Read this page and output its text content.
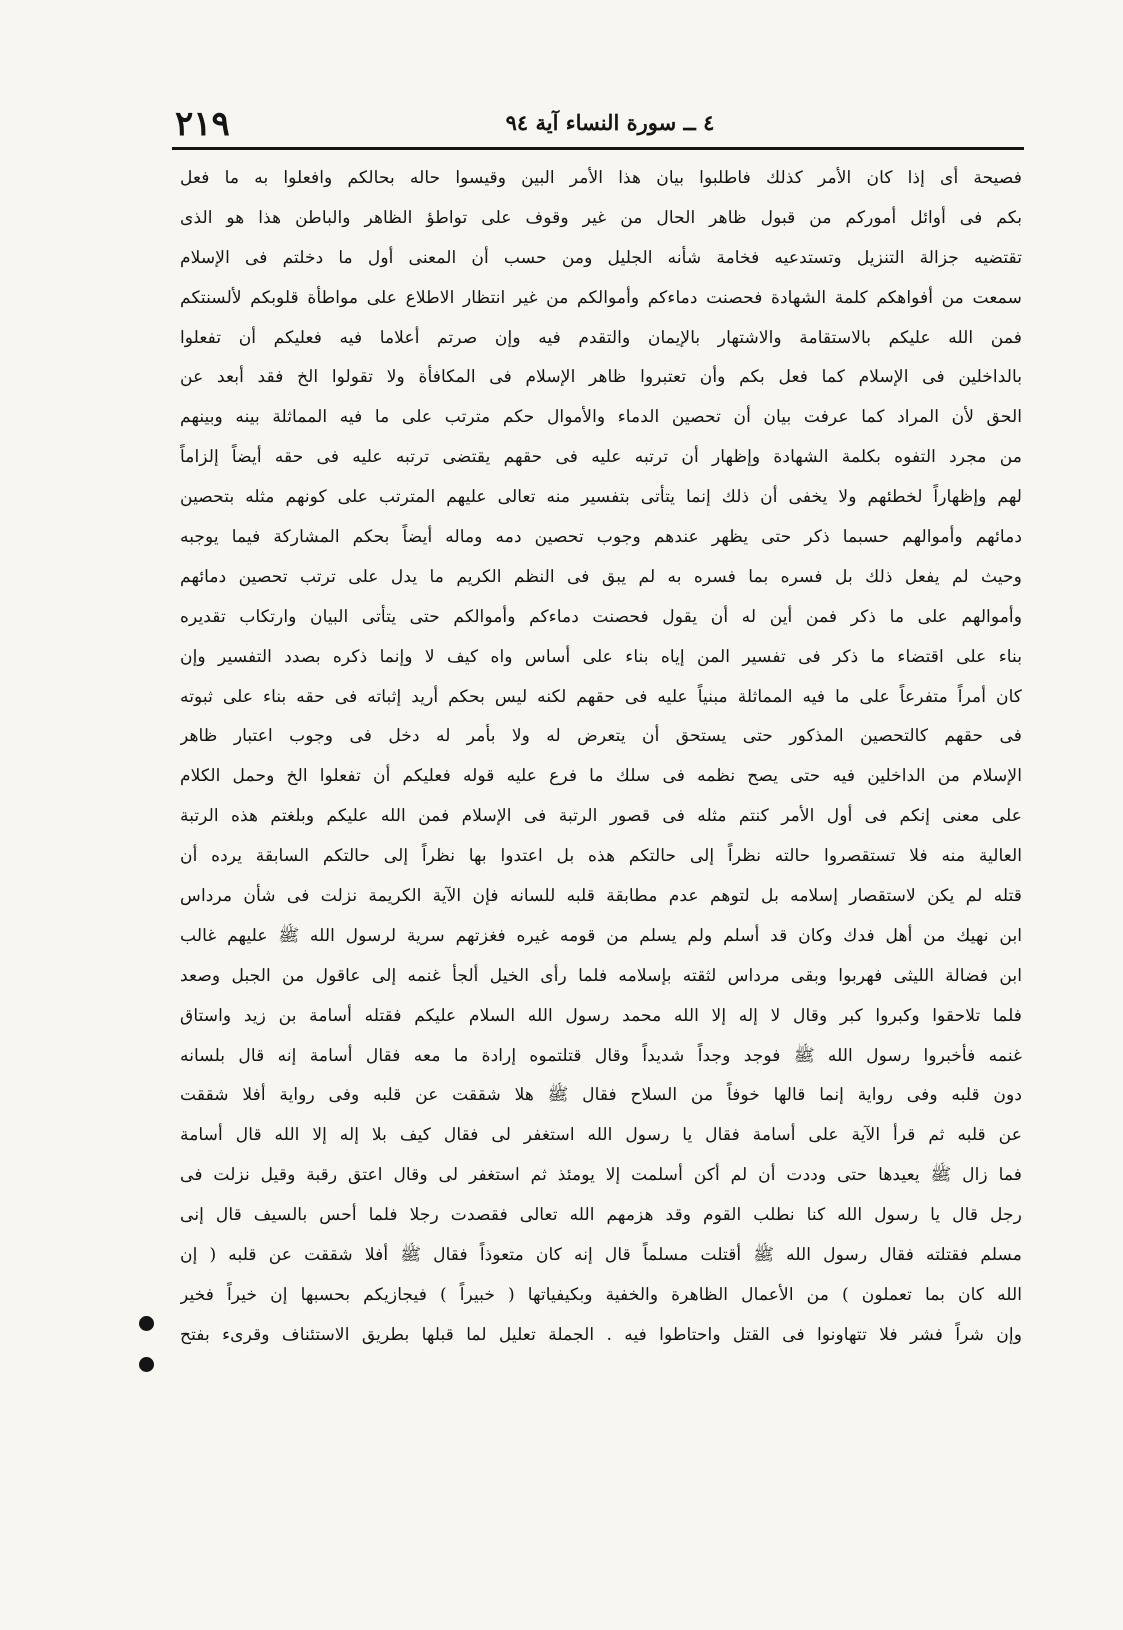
٢١٩	٤ ــ سورة النساء آية ٩٤
فصيحة أى إذا كان الأمر كذلك فاطلبوا بيان هذا الأمر البين وقيسوا حاله بحالكم وافعلوا به ما فعل
بكم فى أوائل أموركم من قبول ظاهر الحال من غير وقوف على تواطؤ الظاهر والباطن هذا هو الذى
تقتضيه جزالة التنزيل وتستدعيه فخامة شأنه الجليل ومن حسب أن المعنى أول ما دخلتم فى الإسلام
سمعت من أفواهكم كلمة الشهادة فحصنت دماءكم وأموالكم من غير انتظار الاطلاع على مواطأة قلوبكم لألسنتكم
فمن الله عليكم بالاستقامة والاشتهار بالإيمان والتقدم فيه وإن صرتم أعلاما فيه فعليكم أن تفعلوا
بالداخلين فى الإسلام كما فعل بكم وأن تعتبروا ظاهر الإسلام فى المكافأة ولا تقولوا الخ فقد أبعد عن
الحق لأن المراد كما عرفت بيان أن تحصين الدماء والأموال حكم مترتب على ما فيه المماثلة بينه وبينهم
من مجرد التفوه بكلمة الشهادة وإظهار أن ترتبه عليه فى حقهم يقتضى ترتبه عليه فى حقه أيضاً إلزاماً
لهم وإظهاراً لخطئهم ولا يخفى أن ذلك إنما يتأتى بتفسير منه تعالى عليهم المترتب على كونهم مثله بتحصين
دمائهم وأموالهم حسبما ذكر حتى يظهر عندهم وجوب تحصين دمه وماله أيضاً بحكم المشاركة فيما يوجبه
وحيث لم يفعل ذلك بل فسره بما فسره به لم يبق فى النظم الكريم ما يدل على ترتب تحصين دمائهم
وأموالهم على ما ذكر فمن أين له أن يقول فحصنت دماءكم وأموالكم حتى يتأتى البيان وارتكاب تقديره
بناء على اقتضاء ما ذكر فى تفسير المن إياه بناء على أساس واه كيف لا وإنما ذكره بصدد التفسير وإن
كان أمراً متفرعاً على ما فيه المماثلة مبنياً عليه فى حقهم لكنه ليس بحكم أريد إثباته فى حقه بناء على ثبوته
فى حقهم كالتحصين المذكور حتى يستحق أن يتعرض له ولا بأمر له دخل فى وجوب اعتبار ظاهر
الإسلام من الداخلين فيه حتى يصح نظمه فى سلك ما فرع عليه قوله فعليكم أن تفعلوا الخ وحمل الكلام
على معنى إنكم فى أول الأمر كنتم مثله فى قصور الرتبة فى الإسلام فمن الله عليكم وبلغتم هذه الرتبة
العالية منه فلا تستقصروا حالته نظراً إلى حالتكم هذه بل اعتدوا بها نظراً إلى حالتكم السابقة يرده أن
قتله لم يكن لاستقصار إسلامه بل لتوهم عدم مطابقة قلبه للسانه فإن الآية الكريمة نزلت فى شأن مرداس
ابن نهيك من أهل فدك وكان قد أسلم ولم يسلم من قومه غيره فغزتهم سرية لرسول الله ﷺ عليهم غالب
ابن فضالة الليثى فهربوا وبقى مرداس لثقته بإسلامه فلما رأى الخيل ألجأ غنمه إلى عاقول من الجبل وصعد
فلما تلاحقوا وكبروا كبر وقال لا إله إلا الله محمد رسول الله السلام عليكم فقتله أسامة بن زيد واستاق
غنمه فأخبروا رسول الله ﷺ فوجد وجداً شديداً وقال قتلتموه إرادة ما معه فقال أسامة إنه قال بلسانه
دون قلبه وفى رواية إنما قالها خوفاً من السلاح فقال ﷺ هلا شققت عن قلبه وفى رواية أفلا شققت
عن قلبه ثم قرأ الآية على أسامة فقال يا رسول الله استغفر لى فقال كيف بلا إله إلا الله قال أسامة
فما زال ﷺ يعيدها حتى وددت أن لم أكن أسلمت إلا يومئذ ثم استغفر لى وقال اعتق رقبة وقيل نزلت فى
رجل قال يا رسول الله كنا نطلب القوم وقد هزمهم الله تعالى فقصدت رجلا فلما أحس بالسيف قال إنى
مسلم فقتلته فقال رسول الله ﷺ أقتلت مسلماً قال إنه كان متعوذاً فقال ﷺ أفلا شققت عن قلبه ( إن
الله كان بما تعملون ) من الأعمال الظاهرة والخفية وبكيفياتها ( خبيراً ) فيجازيكم بحسبها إن خيراً فخير
وإن شراً فشر فلا تتهاونوا فى القتل واحتاطوا فيه . الجملة تعليل لما قبلها بطريق الاستئناف وقرىء بفتح
